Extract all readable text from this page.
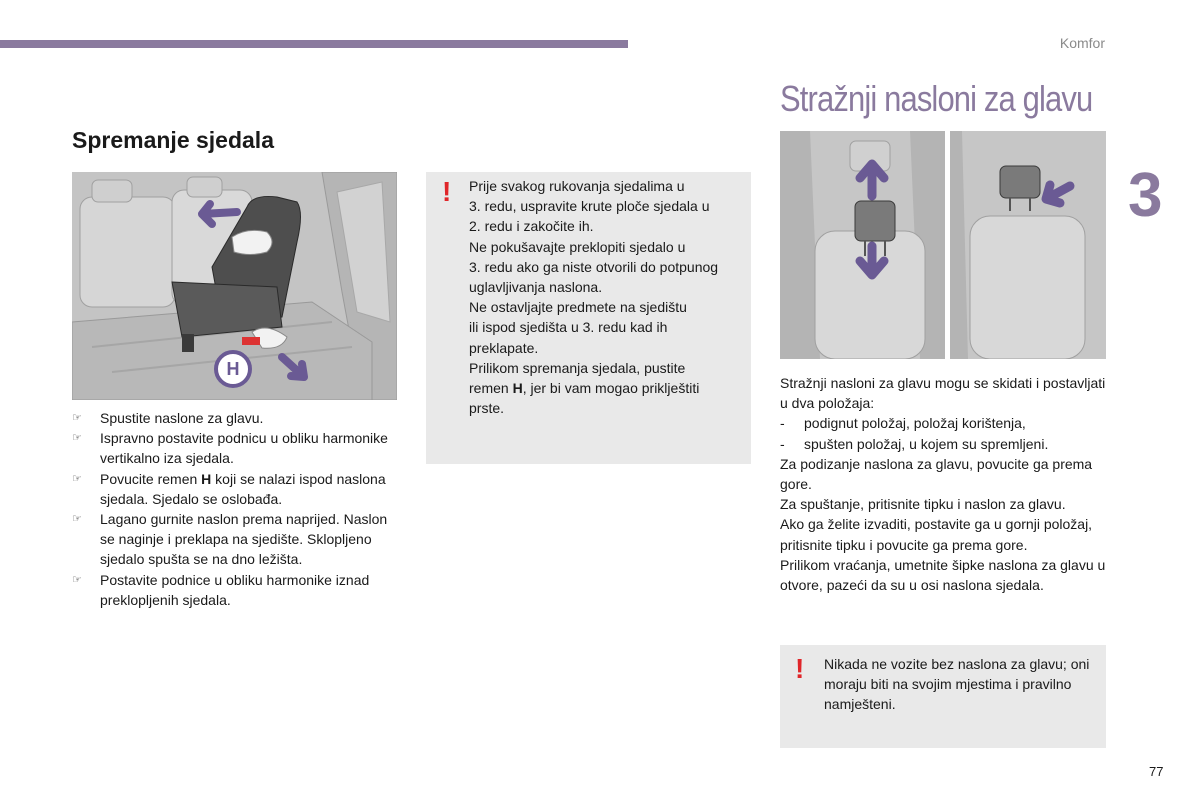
Komfor
3
Stražnji nasloni za glavu
Spremanje sjedala
H
! Prije svakog rukovanja sjedalima u
3. redu, uspravite krute ploče sjedala u
2. redu i zakočite ih.
Ne pokušavajte preklopiti sjedalo u
3. redu ako ga niste otvorili do potpunog
uglavljivanja naslona.
Ne ostavljajte predmete na sjedištu
ili ispod sjedišta u 3. redu kad ih
preklapate.
Prilikom spremanja sjedala, pustite
remen H, jer bi vam mogao priklještiti
prste.
☞ Spustite naslone za glavu.
☞ Ispravno postavite podnicu u obliku harmonike vertikalno iza sjedala.
☞ Povucite remen H koji se nalazi ispod naslona sjedala. Sjedalo se oslobađa.
☞ Lagano gurnite naslon prema naprijed. Naslon se naginje i preklapa na sjedište. Sklopljeno sjedalo spušta se na dno ležišta.
☞ Postavite podnice u obliku harmonike iznad preklopljenih sjedala.

Stražnji nasloni za glavu mogu se skidati i postavljati u dva položaja:

- podignut položaj, položaj korištenja,
- spušten položaj, u kojem su spremljeni.

Za podizanje naslona za glavu, povucite ga prema gore.

Za spuštanje, pritisnite tipku i naslon za glavu.

Ako ga želite izvaditi, postavite ga u gornji položaj, pritisnite tipku i povucite ga prema gore.

Prilikom vraćanja, umetnite šipke naslona za glavu u otvore, pazeći da su u osi naslona sjedala.

! Nikada ne vozite bez naslona za glavu; oni moraju biti na svojim mjestima i pravilno namješteni.
77
